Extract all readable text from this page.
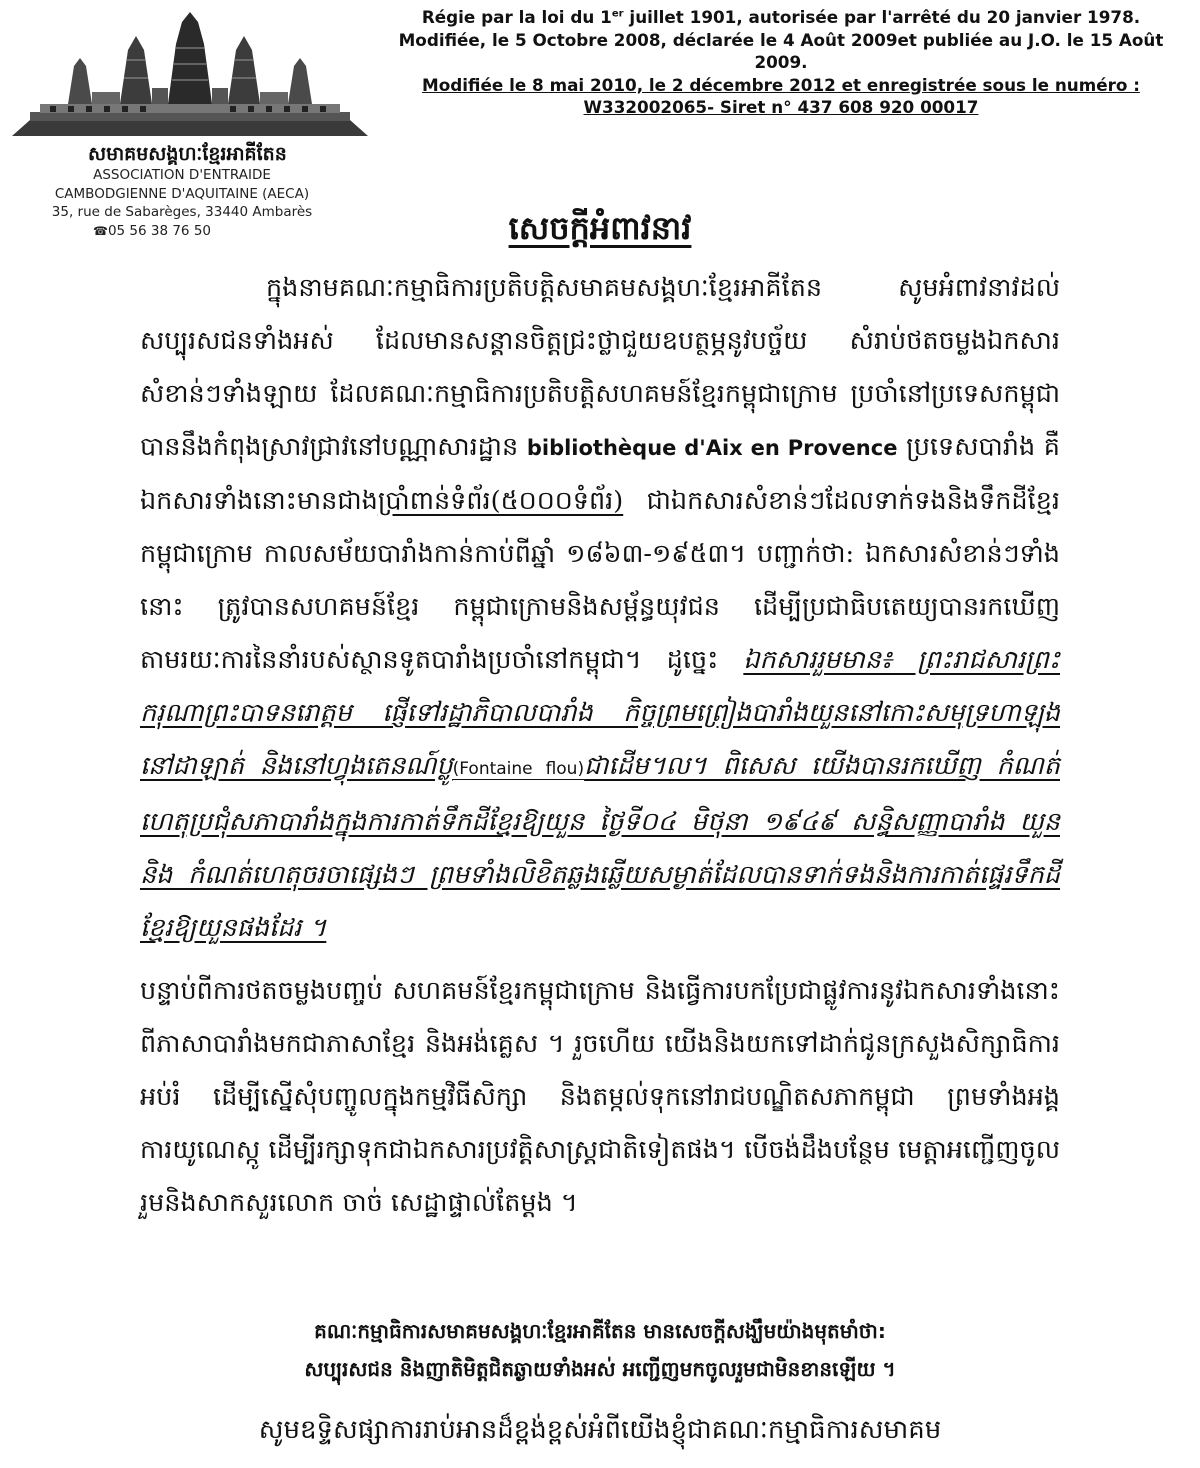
សមាគមសង្គហៈខ្មែរអាគីតែន
ASSOCIATION D'ENTRAIDE
CAMBODGIENNE D'AQUITAINE (AECA)
35, rue de Sabarèges, 33440 Ambarès
☎05 56 38 76 50
Régie par la loi du 1er juillet 1901, autorisée par l'arrêté du 20 janvier 1978.
Modifiée, le 5 Octobre 2008, déclarée le 4 Août 2009et publiée au J.O. le 15 Août 2009.
Modifiée le 8 mai 2010, le 2 décembre 2012 et enregistrée sous le numéro :
W332002065- Siret n° 437 608 920 00017
សេចក្ដីអំពាវនាវ

ក្នុងនាមគណៈកម្មាធិការប្រតិបត្តិសមាគមសង្គហៈខ្មែរអាគីតែន សូមអំពាវនាវដល់ សប្បុរសជនទាំងអស់ ដែលមានសន្ដានចិត្តជ្រះថ្លាជួយឧបត្ថម្ភនូវបច្ច័យ សំរាប់ថតចម្លងឯកសារសំខាន់ៗទាំងឡាយ ដែលគណៈកម្មាធិការប្រតិបត្តិសហគមន៍ខ្មែរកម្ពុជាក្រោម ប្រចាំនៅប្រទេសកម្ពុជា បាននឹងកំពុងស្រាវជ្រាវនៅបណ្ណាសារដ្ឋាន bibliothèque d'Aix en Provence ប្រទេសបារាំង គឺឯកសារទាំងនោះមានជាងប្រាំពាន់ទំព័រ(៥០០០ទំព័រ) ជាឯកសារសំខាន់ៗដែលទាក់ទងនិងទឹកដីខ្មែរកម្ពុជាក្រោម កាលសម័យបារាំងកាន់កាប់ពីឆ្នាំ ១៨៦៣-១៩៥៣។ បញ្ជាក់ថា: ឯកសារសំខាន់ៗទាំងនោះ ត្រូវបានសហគមន៍ខ្មែរ កម្ពុជាក្រោមនិងសម្ព័ន្ធយុវជន ដើម្បីប្រជាធិបតេយ្យបានរកឃើញ តាមរយៈការនៃនាំរបស់ស្ថានទូតបារាំងប្រចាំនៅកម្ពុជា។ ដូច្នេះ ឯកសាររួមមាន៖ ព្រះរាជសារព្រះករុណាព្រះបាទនរោត្តម ផ្ញើទៅរដ្ឋាភិបាលបារាំង កិច្ចព្រមព្រៀងបារាំងយួននៅកោះសមុទ្រហាឡុង នៅដាឡាត់ និងនៅហ្វុងតេនណ៍ប្លូ(Fontaine flou)ជាដើម។ល។ ពិសេស យើងបានរកឃើញ កំណត់ហេតុប្រជុំសភាបារាំងក្នុងការកាត់ទឹកដីខ្មែរឱ្យយួន ថ្ងៃទី០៤ មិថុនា ១៩៤៩ សន្ធិសញ្ញាបារាំង យួន និង កំណត់ហេតុចរចាផ្សេងៗ ព្រមទាំងលិខិតឆ្លងឆ្លើយសម្ងាត់ដែលបានទាក់ទងនិងការកាត់ផ្ទេរទឹកដីខ្មែរឱ្យយួនផងដែរ ។

បន្ទាប់ពីការថតចម្លងបញ្ចប់ សហគមន៍ខ្មែរកម្ពុជាក្រោម និងធ្វើការបកប្រែជាផ្លូវការនូវឯកសារទាំងនោះ ពីភាសាបារាំងមកជាភាសាខ្មែរ និងអង់គ្លេស ។ រួចហើយ យើងនិងយកទៅដាក់ជូនក្រសួងសិក្សាធិការអប់រំ ដើម្បីស្នើសុំបញ្ចូលក្នុងកម្មវិធីសិក្សា និងតម្កល់ទុកនៅរាជបណ្ឌិតសភាកម្ពុជា ព្រមទាំងអង្គការយូណេស្កូ ដើម្បីរក្សាទុកជាឯកសារប្រវត្តិសាស្ត្រជាតិទៀតផង។ បើចង់ដឹងបន្ថែម មេត្តាអញ្ជើញចូលរួមនិងសាកសួរលោក ចាច់ សេដ្ឋាផ្ទាល់តែម្ដង ។

គណៈកម្មាធិការសមាគមសង្គហៈខ្មែរអាគីតែន មានសេចក្ដីសង្ឃឹមយ៉ាងមុតមាំថា:
សប្បុរសជន និងញាតិមិត្តជិតឆ្ងាយទាំងអស់ អញ្ជើញមកចូលរួមជាមិនខានឡើយ ។
សូមឧទ្ទិសផ្សាការរាប់អានដ៏ខ្ពង់ខ្ពស់អំពីយើងខ្ញុំជាគណៈកម្មាធិការសមាគម
